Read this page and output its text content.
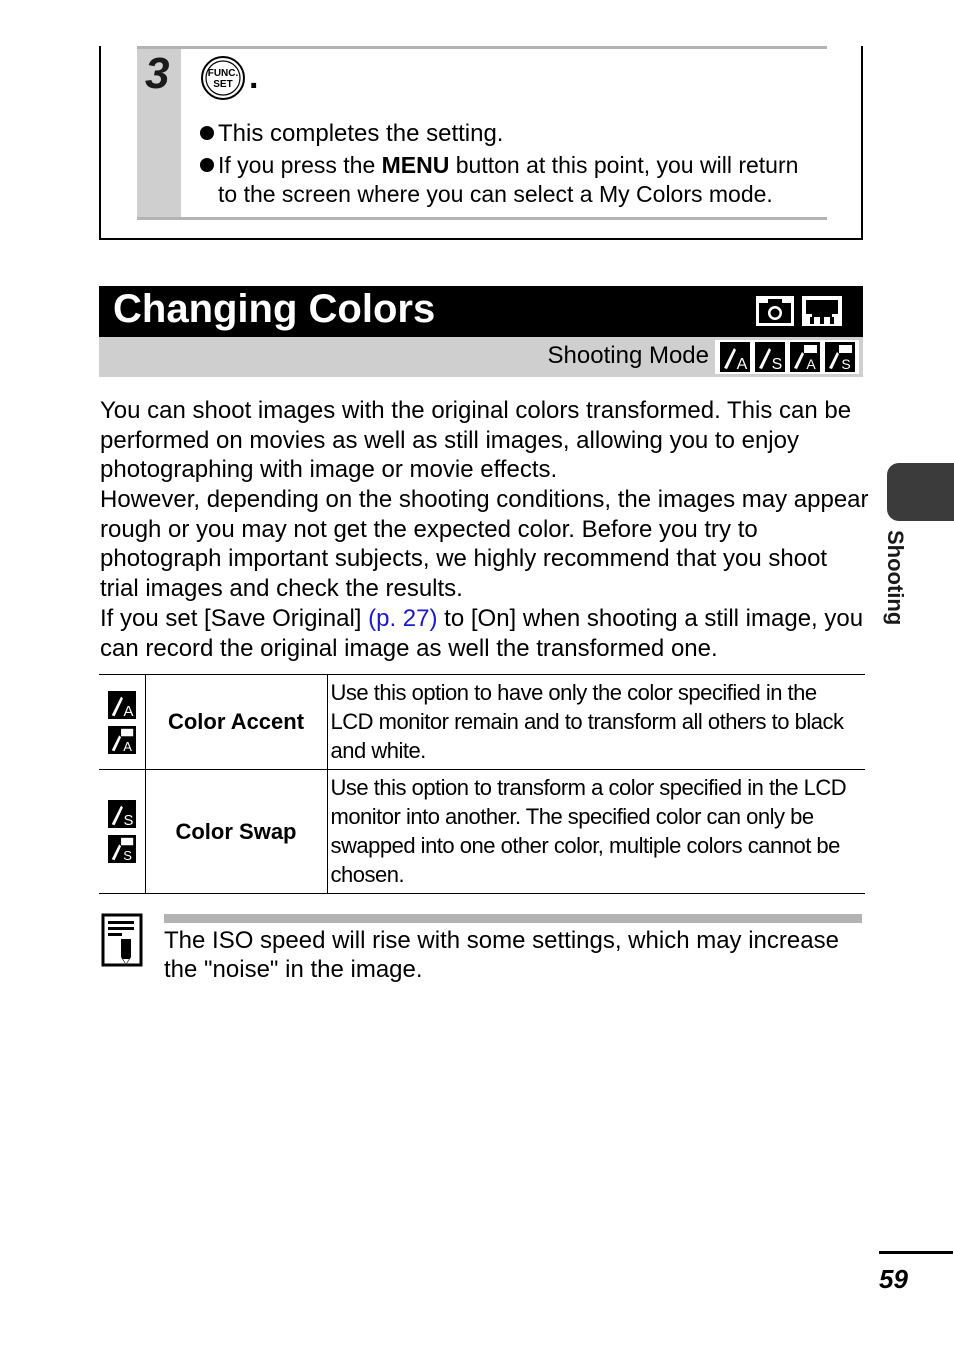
3	FUNC.
SET .
This completes the setting.
If you press the MENU button at this point, you will return
to the screen where you can select a My Colors mode.
Changing Colors
Shooting Mode A S A S

You can shoot images with the original colors transformed. This can be performed on movies as well as still images, allowing you to enjoy photographing with image or movie effects.

However, depending on the shooting conditions, the images may appear rough or you may not get the expected color. Before you try to photograph important subjects, we highly recommend that you shoot trial images and check the results.

If you set [Save Original] (p. 27) to [On] when shooting a still image, you can record the original image as well the transformed one.

Shooting
A
A	Color Accent	Use this option to have only the color specified in the LCD monitor remain and to transform all others to black and white.

S
S	Color Swap	Use this option to transform a color specified in the LCD monitor into another. The specified color can only be swapped into one other color, multiple colors cannot be chosen.

The ISO speed will rise with some settings, which may increase the "noise" in the image.

59
